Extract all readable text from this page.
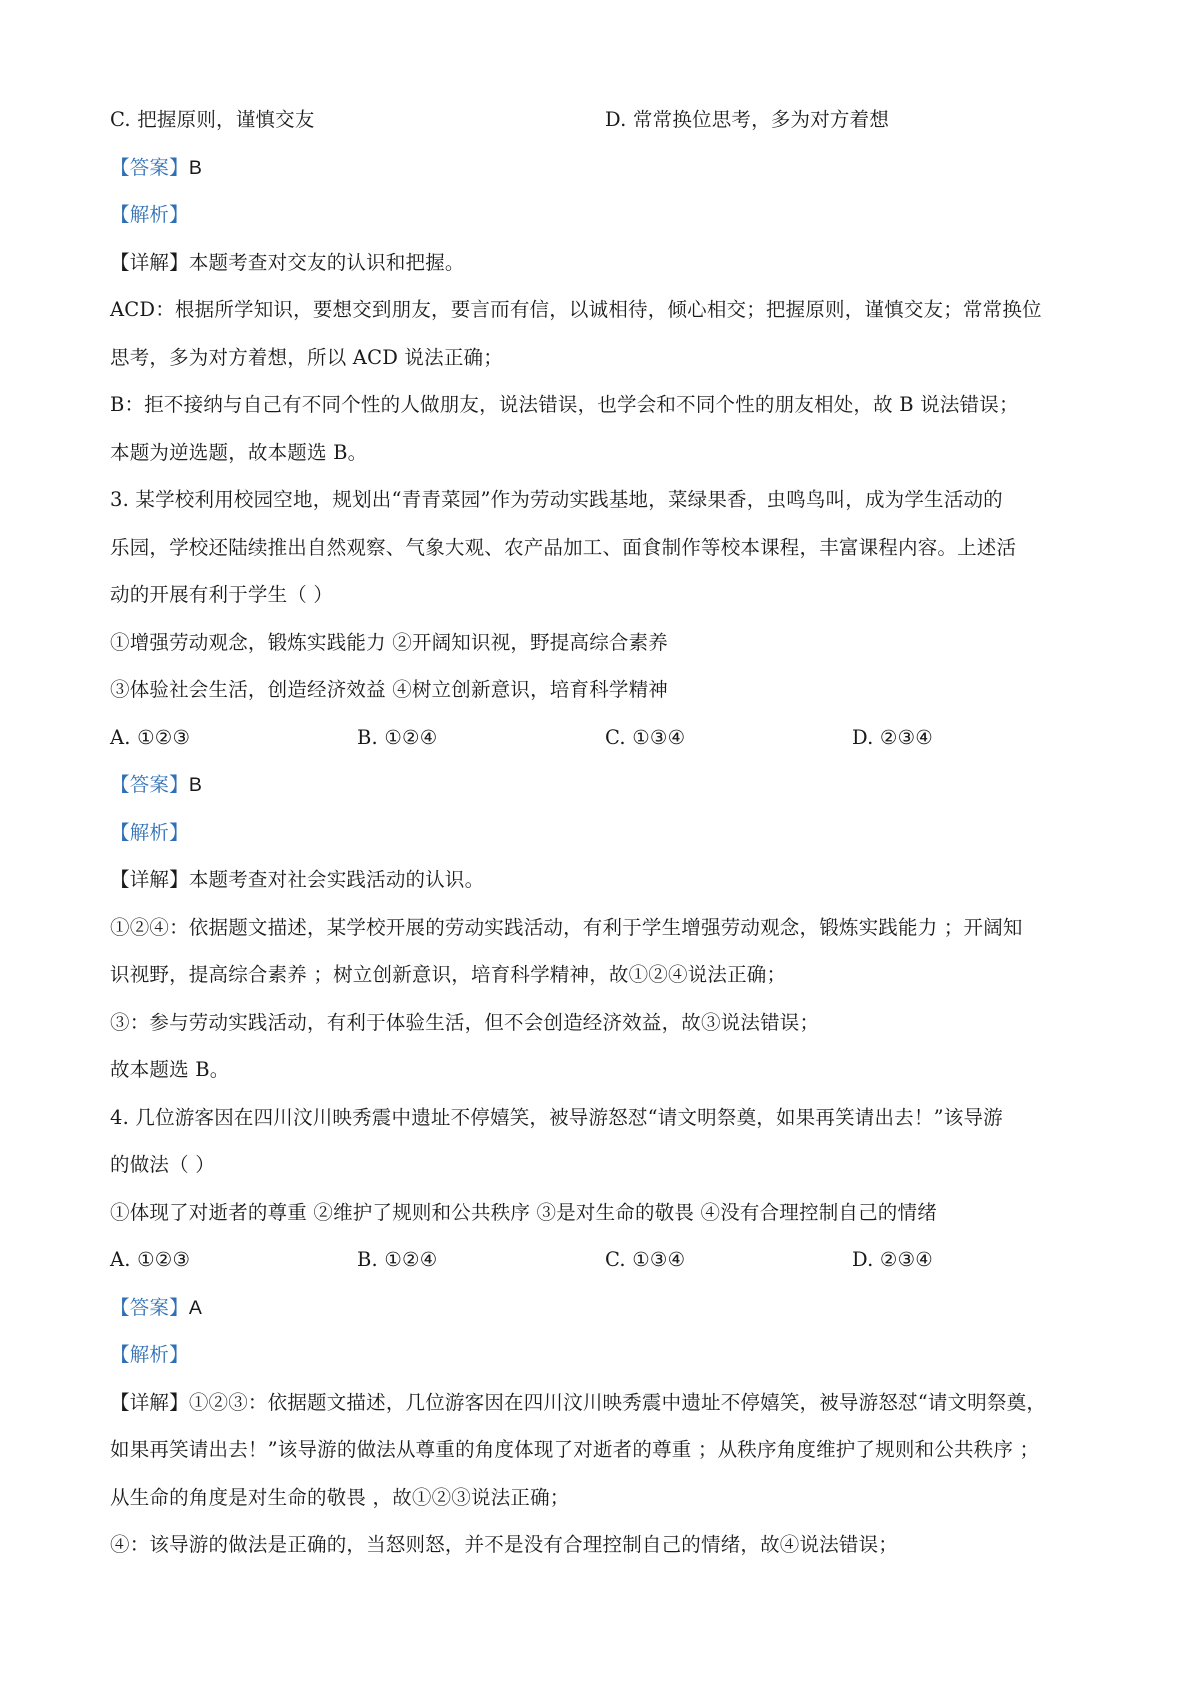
C. 把握原则，谨慎交友	D. 常常换位思考，多为对方着想
【答案】B
【解析】
【详解】本题考查对交友的认识和把握。
ACD：根据所学知识，要想交到朋友，要言而有信，以诚相待，倾心相交；把握原则，谨慎交友；常常换位
思考，多为对方着想，所以 ACD 说法正确；
B：拒不接纳与自己有不同个性的人做朋友，说法错误，也学会和不同个性的朋友相处，故 B 说法错误；
本题为逆选题，故本题选 B。
3. 某学校利用校园空地，规划出“青青菜园”作为劳动实践基地，菜绿果香，虫鸣鸟叫，成为学生活动的
乐园，学校还陆续推出自然观察、气象大观、农产品加工、面食制作等校本课程，丰富课程内容。上述活
动的开展有利于学生（ ）
①增强劳动观念，锻炼实践能力 ②开阔知识视，野提高综合素养
③体验社会生活，创造经济效益 ④树立创新意识，培育科学精神
A. ①②③	B. ①②④	C. ①③④	D. ②③④
【答案】B
【解析】
【详解】本题考查对社会实践活动的认识。
①②④：依据题文描述，某学校开展的劳动实践活动，有利于学生增强劳动观念，锻炼实践能力 ；开阔知
识视野，提高综合素养 ；树立创新意识，培育科学精神，故①②④说法正确；
③：参与劳动实践活动，有利于体验生活，但不会创造经济效益，故③说法错误；
故本题选 B。
4. 几位游客因在四川汶川映秀震中遗址不停嬉笑，被导游怒怼“请文明祭奠，如果再笑请出去！”该导游
的做法（ ）
①体现了对逝者的尊重 ②维护了规则和公共秩序 ③是对生命的敬畏 ④没有合理控制自己的情绪
A. ①②③	B. ①②④	C. ①③④	D. ②③④
【答案】A
【解析】
【详解】①②③：依据题文描述，几位游客因在四川汶川映秀震中遗址不停嬉笑，被导游怒怼“请文明祭奠，
如果再笑请出去！”该导游的做法从尊重的角度体现了对逝者的尊重 ；从秩序角度维护了规则和公共秩序 ；
从生命的角度是对生命的敬畏 ，故①②③说法正确；
④：该导游的做法是正确的，当怒则怒，并不是没有合理控制自己的情绪，故④说法错误；
